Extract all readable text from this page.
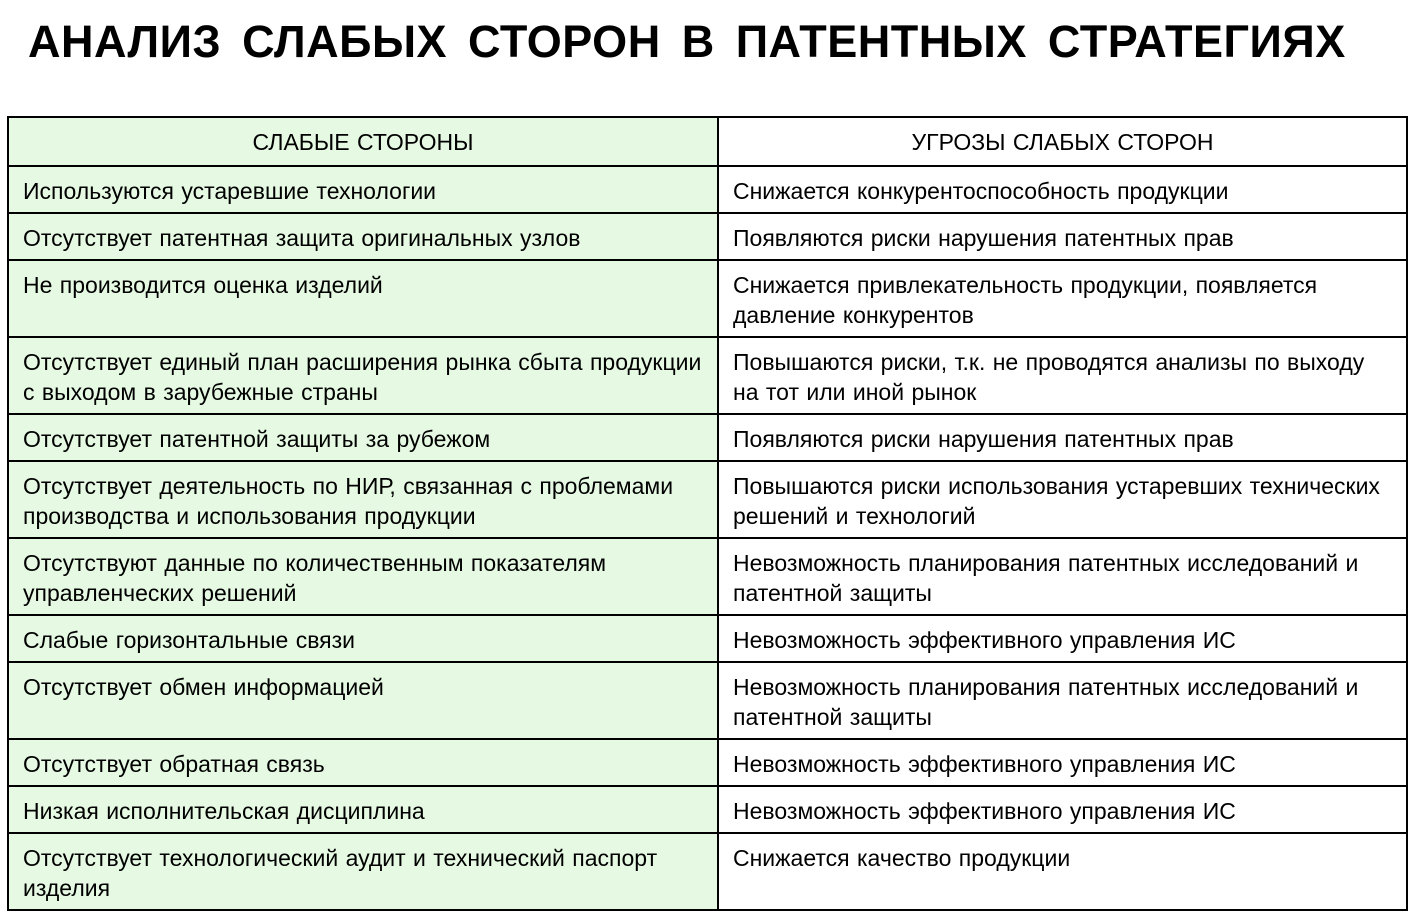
АНАЛИЗ СЛАБЫХ СТОРОН В ПАТЕНТНЫХ СТРАТЕГИЯХ
СЛАБЫЕ СТОРОНЫ	УГРОЗЫ СЛАБЫХ СТОРОН
Используются устаревшие технологии	Снижается конкурентоспособность продукции
Отсутствует патентная защита оригинальных узлов	Появляются риски нарушения патентных прав
Не производится оценка изделий	Снижается привлекательность продукции, появляется давление конкурентов
Отсутствует единый план расширения рынка сбыта продукции с выходом в зарубежные страны	Повышаются риски, т.к. не проводятся анализы по выходу на тот или иной рынок
Отсутствует патентной защиты за рубежом	Появляются риски нарушения патентных прав
Отсутствует деятельность по НИР, связанная с проблемами производства и использования продукции	Повышаются риски использования устаревших технических решений и технологий
Отсутствуют данные по количественным показателям управленческих решений	Невозможность планирования патентных исследований и патентной защиты
Слабые горизонтальные связи	Невозможность эффективного управления ИС
Отсутствует обмен информацией	Невозможность планирования патентных исследований и патентной защиты
Отсутствует обратная связь	Невозможность эффективного управления ИС
Низкая исполнительская дисциплина	Невозможность эффективного управления ИС
Отсутствует технологический аудит и технический паспорт изделия	Снижается качество продукции
